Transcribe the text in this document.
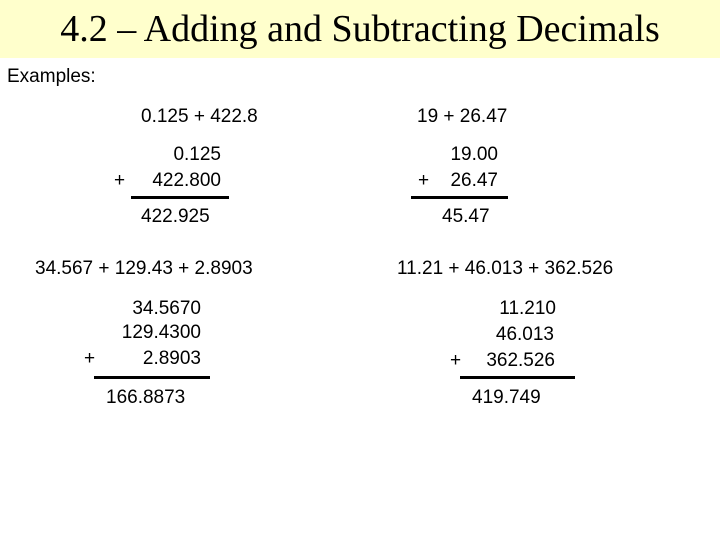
4.2 – Adding and Subtracting Decimals
Examples:
0.125 + 422.8
0.125
+	422.800
422.925
19 + 26.47
19.00
+	26.47
45.47
34.567 + 129.43 + 2.8903
34.5670
129.4300
+	2.8903
166.8873
11.21 + 46.013 + 362.526
11.210
46.013
+	362.526
419.749
